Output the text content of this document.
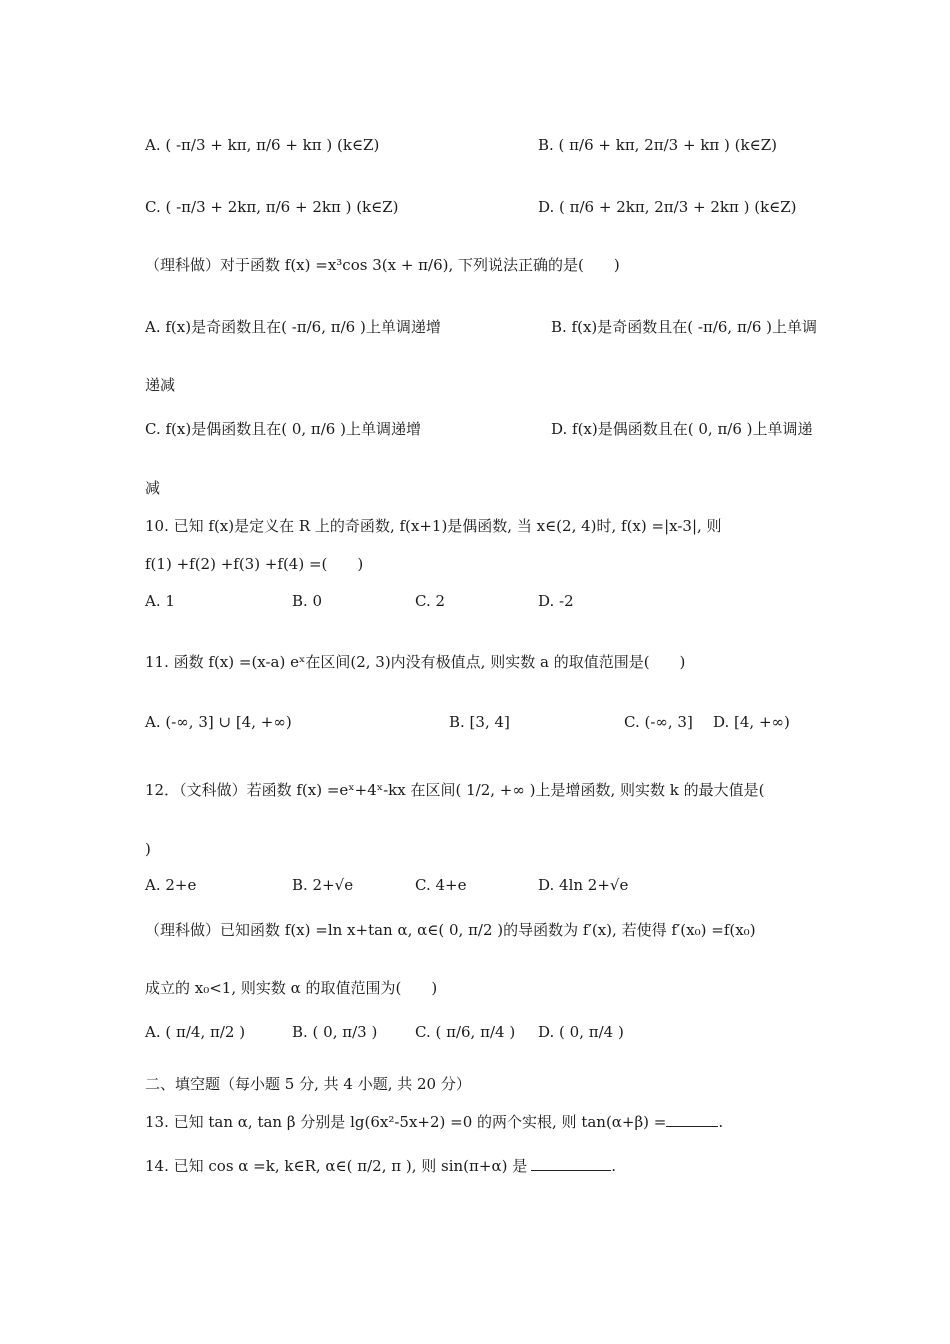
A. ( -π/3 + kπ, π/6 + kπ ) (k∈Z)	B. ( π/6 + kπ, 2π/3 + kπ ) (k∈Z)
C. ( -π/3 + 2kπ, π/6 + 2kπ ) (k∈Z)	D. ( π/6 + 2kπ, 2π/3 + 2kπ ) (k∈Z)
（理科做）对于函数 f(x) =x³cos 3(x + π/6), 下列说法正确的是(　　)
A. f(x)是奇函数且在( -π/6, π/6 )上单调递增	B. f(x)是奇函数且在( -π/6, π/6 )上单调
递减
C. f(x)是偶函数且在( 0, π/6 )上单调递增	D. f(x)是偶函数且在( 0, π/6 )上单调递
减
10. 已知 f(x)是定义在 R 上的奇函数, f(x+1)是偶函数, 当 x∈(2, 4)时, f(x) =|x-3|, 则
f(1) +f(2) +f(3) +f(4) =(　　)
A. 1	B. 0	C. 2	D. -2
11. 函数 f(x) =(x-a) eˣ在区间(2, 3)内没有极值点, 则实数 a 的取值范围是(　　)
A. (-∞, 3] ∪ [4, +∞)	B. [3, 4]	C. (-∞, 3] D. [4, +∞)
12．（文科做）若函数 f(x) =eˣ+4ˣ-kx 在区间( 1/2, +∞ )上是增函数, 则实数 k 的最大值是(
)
A. 2+e	B. 2+√e	C. 4+e	D. 4ln 2+√e
（理科做）已知函数 f(x) =ln x+tan α, α∈( 0, π/2 )的导函数为 f′(x), 若使得 f′(x₀) =f(x₀)
成立的 x₀<1, 则实数 α 的取值范围为(　　)
A. ( π/4, π/2 )	B. ( 0, π/3 )	C. ( π/6, π/4 ) D. ( 0, π/4 )
二、填空题（每小题 5 分, 共 4 小题, 共 20 分）
13. 已知 tan α, tan β 分别是 lg(6x²-5x+2) =0 的两个实根, 则 tan(α+β) =	.
14. 已知 cos α =k, k∈R, α∈( π/2, π ), 则 sin(π+α) 是	.
